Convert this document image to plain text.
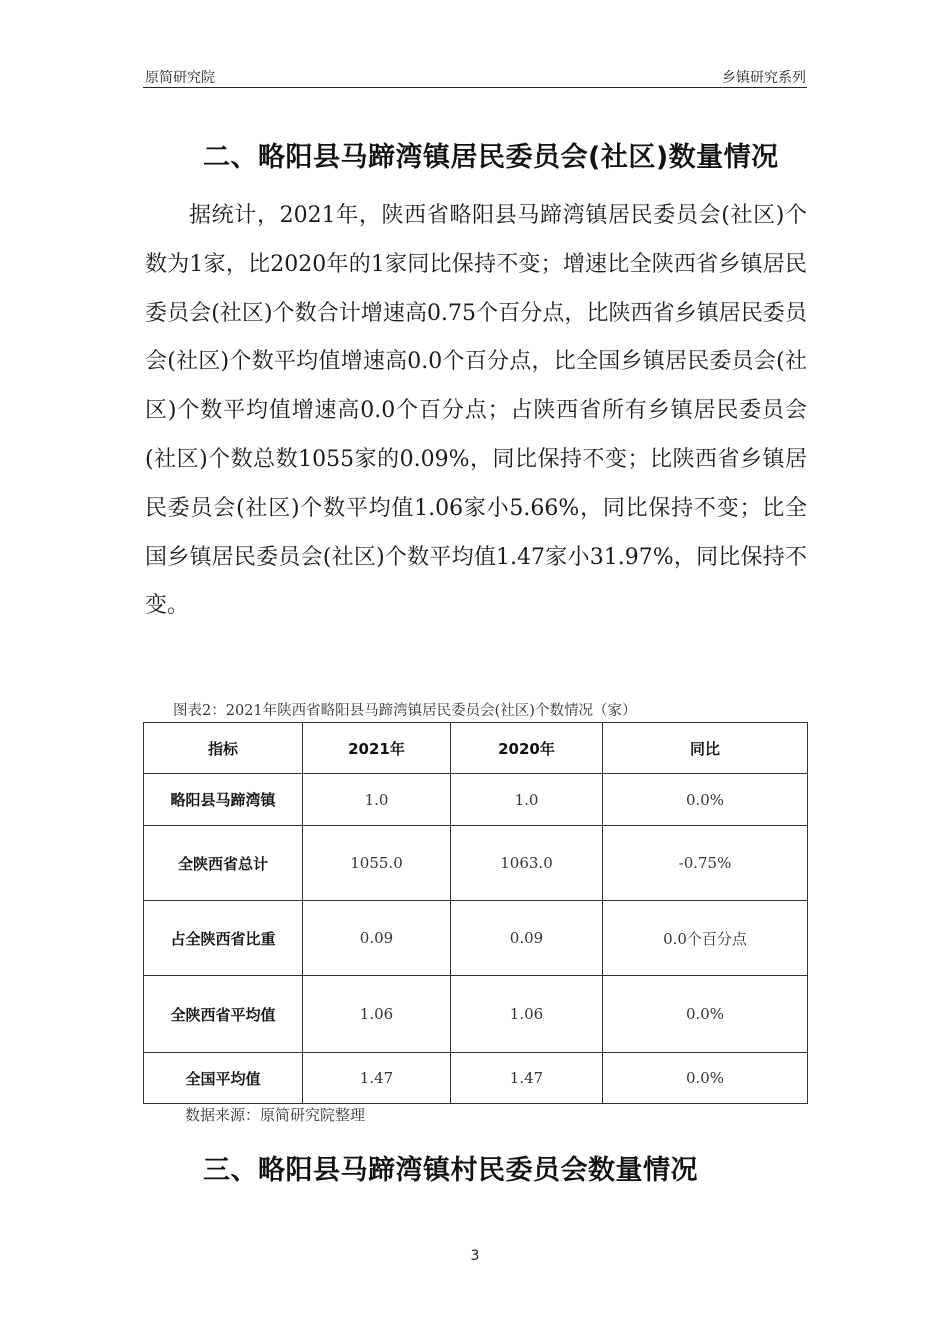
原简研究院	乡镇研究系列
二、略阳县马蹄湾镇居民委员会(社区)数量情况

据统计，2021年，陕西省略阳县马蹄湾镇居民委员会(社区)个数为1家，比2020年的1家同比保持不变；增速比全陕西省乡镇居民委员会(社区)个数合计增速高0.75个百分点，比陕西省乡镇居民委员会(社区)个数平均值增速高0.0个百分点，比全国乡镇居民委员会(社区)个数平均值增速高0.0个百分点；占陕西省所有乡镇居民委员会(社区)个数总数1055家的0.09%，同比保持不变；比陕西省乡镇居民委员会(社区)个数平均值1.06家小5.66%，同比保持不变；比全国乡镇居民委员会(社区)个数平均值1.47家小31.97%，同比保持不变。

图表2：2021年陕西省略阳县马蹄湾镇居民委员会(社区)个数情况（家）
指标	2021年	2020年	同比
略阳县马蹄湾镇	1.0	1.0	0.0%
全陕西省总计	1055.0	1063.0	-0.75%
占全陕西省比重	0.09	0.09	0.0个百分点
全陕西省平均值	1.06	1.06	0.0%
全国平均值	1.47	1.47	0.0%
数据来源：原简研究院整理
三、略阳县马蹄湾镇村民委员会数量情况
3
